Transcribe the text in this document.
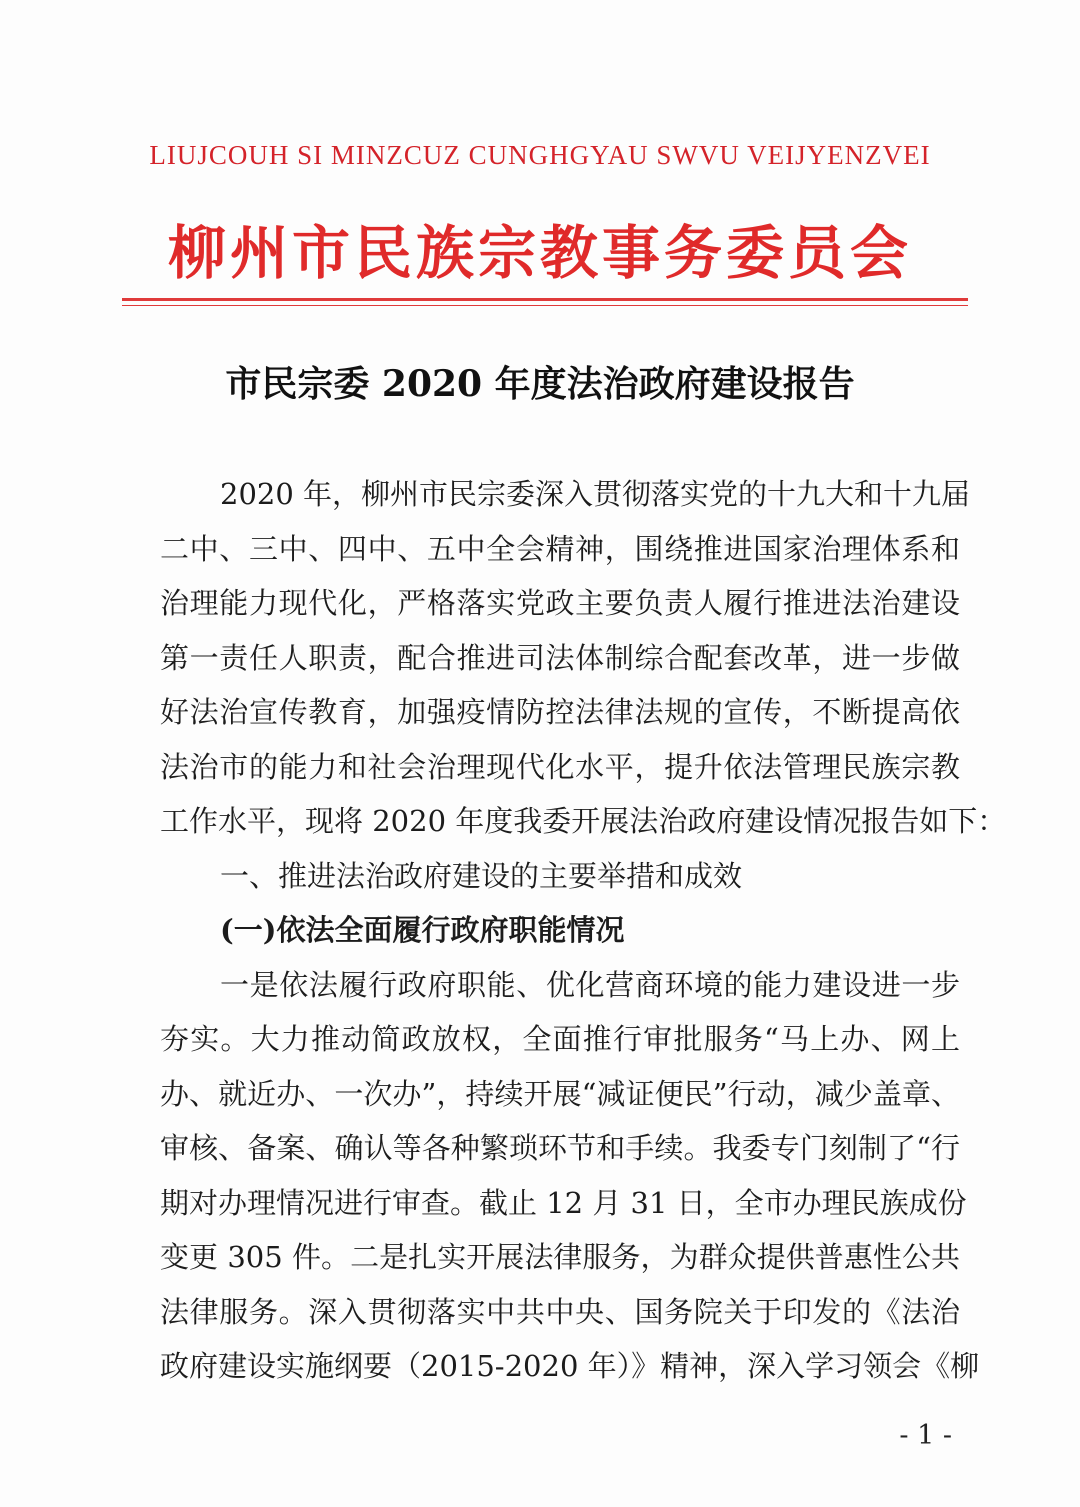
LIUJCOUH SI MINZCUZ CUNGHGYAU SWVU VEIJYENZVEI
柳州市民族宗教事务委员会
市民宗委 2020 年度法治政府建设报告
2020 年，柳州市民宗委深入贯彻落实党的十九大和十九届
二中、三中、四中、五中全会精神，围绕推进国家治理体系和
治理能力现代化，严格落实党政主要负责人履行推进法治建设
第一责任人职责，配合推进司法体制综合配套改革，进一步做
好法治宣传教育，加强疫情防控法律法规的宣传，不断提高依
法治市的能力和社会治理现代化水平，提升依法管理民族宗教
工作水平，现将 2020 年度我委开展法治政府建设情况报告如下：
一、推进法治政府建设的主要举措和成效
(一)依法全面履行政府职能情况
一是依法履行政府职能、优化营商环境的能力建设进一步
夯实。大力推动简政放权，全面推行审批服务“马上办、网上
办、就近办、一次办”，持续开展“减证便民”行动，减少盖章、
审核、备案、确认等各种繁琐环节和手续。我委专门刻制了“行
期对办理情况进行审查。截止 12 月 31 日，全市办理民族成份
变更 305 件。二是扎实开展法律服务，为群众提供普惠性公共
法律服务。深入贯彻落实中共中央、国务院关于印发的《法治
政府建设实施纲要（2015-2020 年）》精神，深入学习领会《柳
- 1 -
